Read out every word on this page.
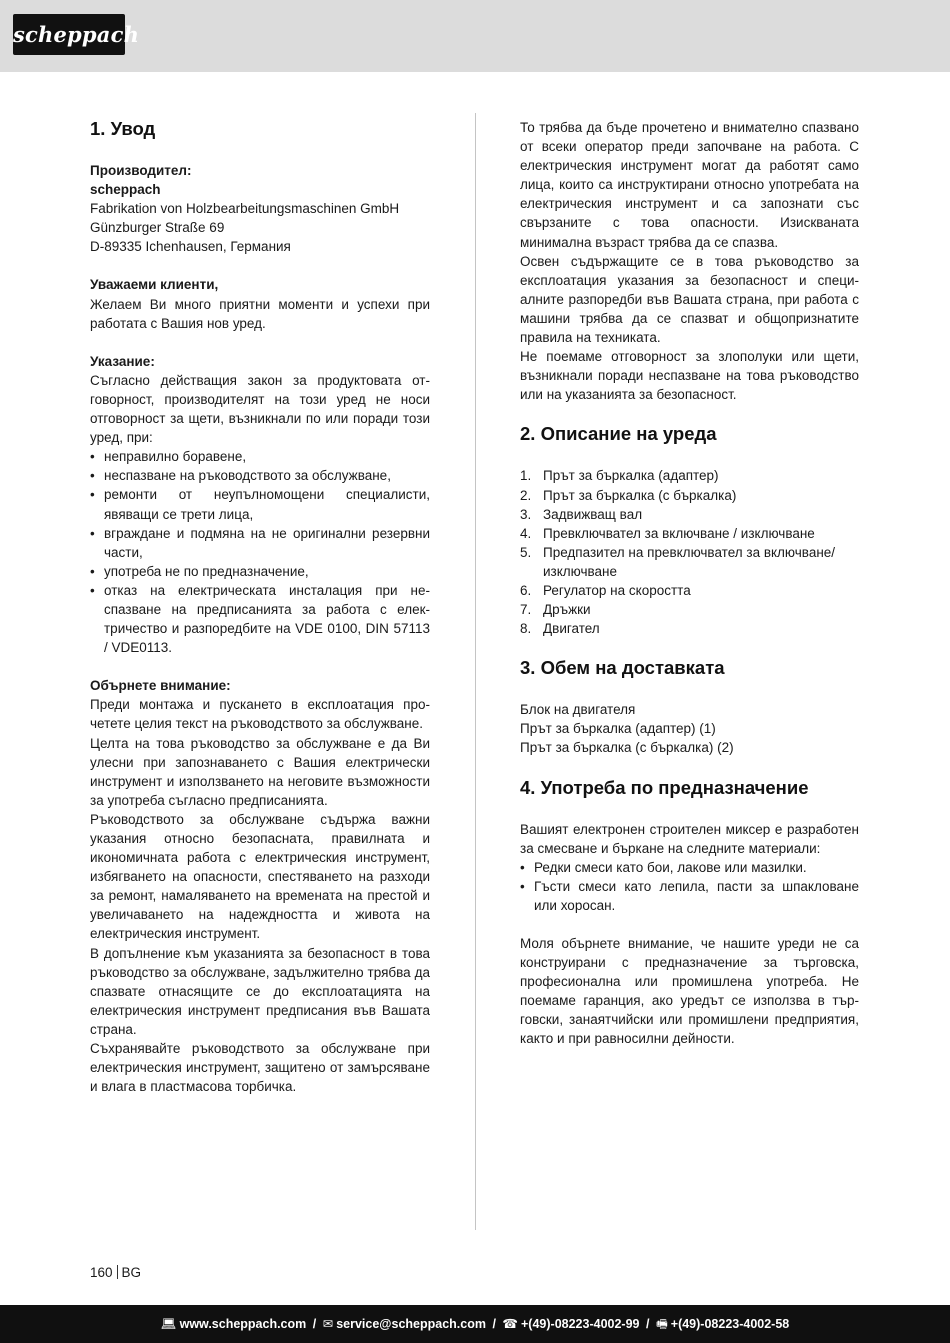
scheppach
1. Увод

Производител:

scheppach

Fabrikation von Holzbearbeitungsmaschinen GmbH

Günzburger Straße 69

D-89335 Ichenhausen, Германия

Уважаеми клиенти,

Желаем Ви много приятни моменти и успехи при работата с Вашия нов уред.

Указание:

Съгласно действащия закон за продуктовата отговорност, производителят на този уред не носи отговорност за щети, възникнали по или поради този уред, при:

• неправилно боравене,
• неспазване на ръководството за обслужване,
• ремонти от неупълномощени специалисти, явяващи се трети лица,
• вграждане и подмяна на не оригинални резервни части,
• употреба не по предназначение,
• отказ на електрическата инсталация при неспазване на предписанията за работа с електричество и разпоредбите на VDE 0100, DIN 57113 / VDE0113.

Обърнете внимание:

Преди монтажа и пускането в експлоатация прочетете целия текст на ръководството за обслужване.

Целта на това ръководство за обслужване е да Ви улесни при запознаването с Вашия електрически инструмент и използването на неговите възможности за употреба съгласно предписанията.

Ръководството за обслужване съдържа важни указания относно безопасната, правилната и икономичната работа с електрическия инструмент, избягването на опасности, спестяването на разходи за ремонт, намаляването на времената на престой и увеличаването на надеждността и живота на електрическия инструмент.

В допълнение към указанията за безопасност в това ръководство за обслужване, задължително трябва да спазвате отнасящите се до експлоатацията на електрическия инструмент предписания във Вашата страна.

Съхранявайте ръководството за обслужване при електрическия инструмент, защитено от замърсяване и влага в пластмасова торбичка.

То трябва да бъде прочетено и внимателно спазвано от всеки оператор преди започване на работа. С електрическия инструмент могат да работят само лица, които са инструктирани относно употребата на електрическия инструмент и са запознати със свързаните с това опасности. Изискваната минимална възраст трябва да се спазва.

Освен съдържащите се в това ръководство за експлоатация указания за безопасност и специалните разпоредби във Вашата страна, при работа с машини трябва да се спазват и общопризнатите правила на техниката.

Не поемаме отговорност за злополуки или щети, възникнали поради неспазване на това ръководство или на указанията за безопасност.

2. Описание на уреда
1. Прът за бъркалка (адаптер)
2. Прът за бъркалка (с бъркалка)
3. Задвижващ вал
4. Превключвател за включване / изключване
5. Предпазител на превключвател за включване/изключване
6. Регулатор на скоростта
7. Дръжки
8. Двигател
3. Обем на доставката

Блок на двигателя

Прът за бъркалка (адаптер) (1)

Прът за бъркалка (с бъркалка) (2)

4. Употреба по предназначение

Вашият електронен строителен миксер е разработен за смесване и бъркане на следните материали:

• Редки смеси като бои, лакове или мазилки.
• Гъсти смеси като лепила, пасти за шпакловане или хоросан.

Моля обърнете внимание, че нашите уреди не са конструирани с предназначение за търговска, професионална или промишлена употреба. Не поемаме гаранция, ако уредът се използва в търговски, занаятчийски или промишлени предприятия, както и при равносилни дейности.

160 BG
💻︎ www.scheppach.com / ✉︎ service@scheppach.com / ☎︎ +(49)-08223-4002-99 / 🖷︎ +(49)-08223-4002-58
